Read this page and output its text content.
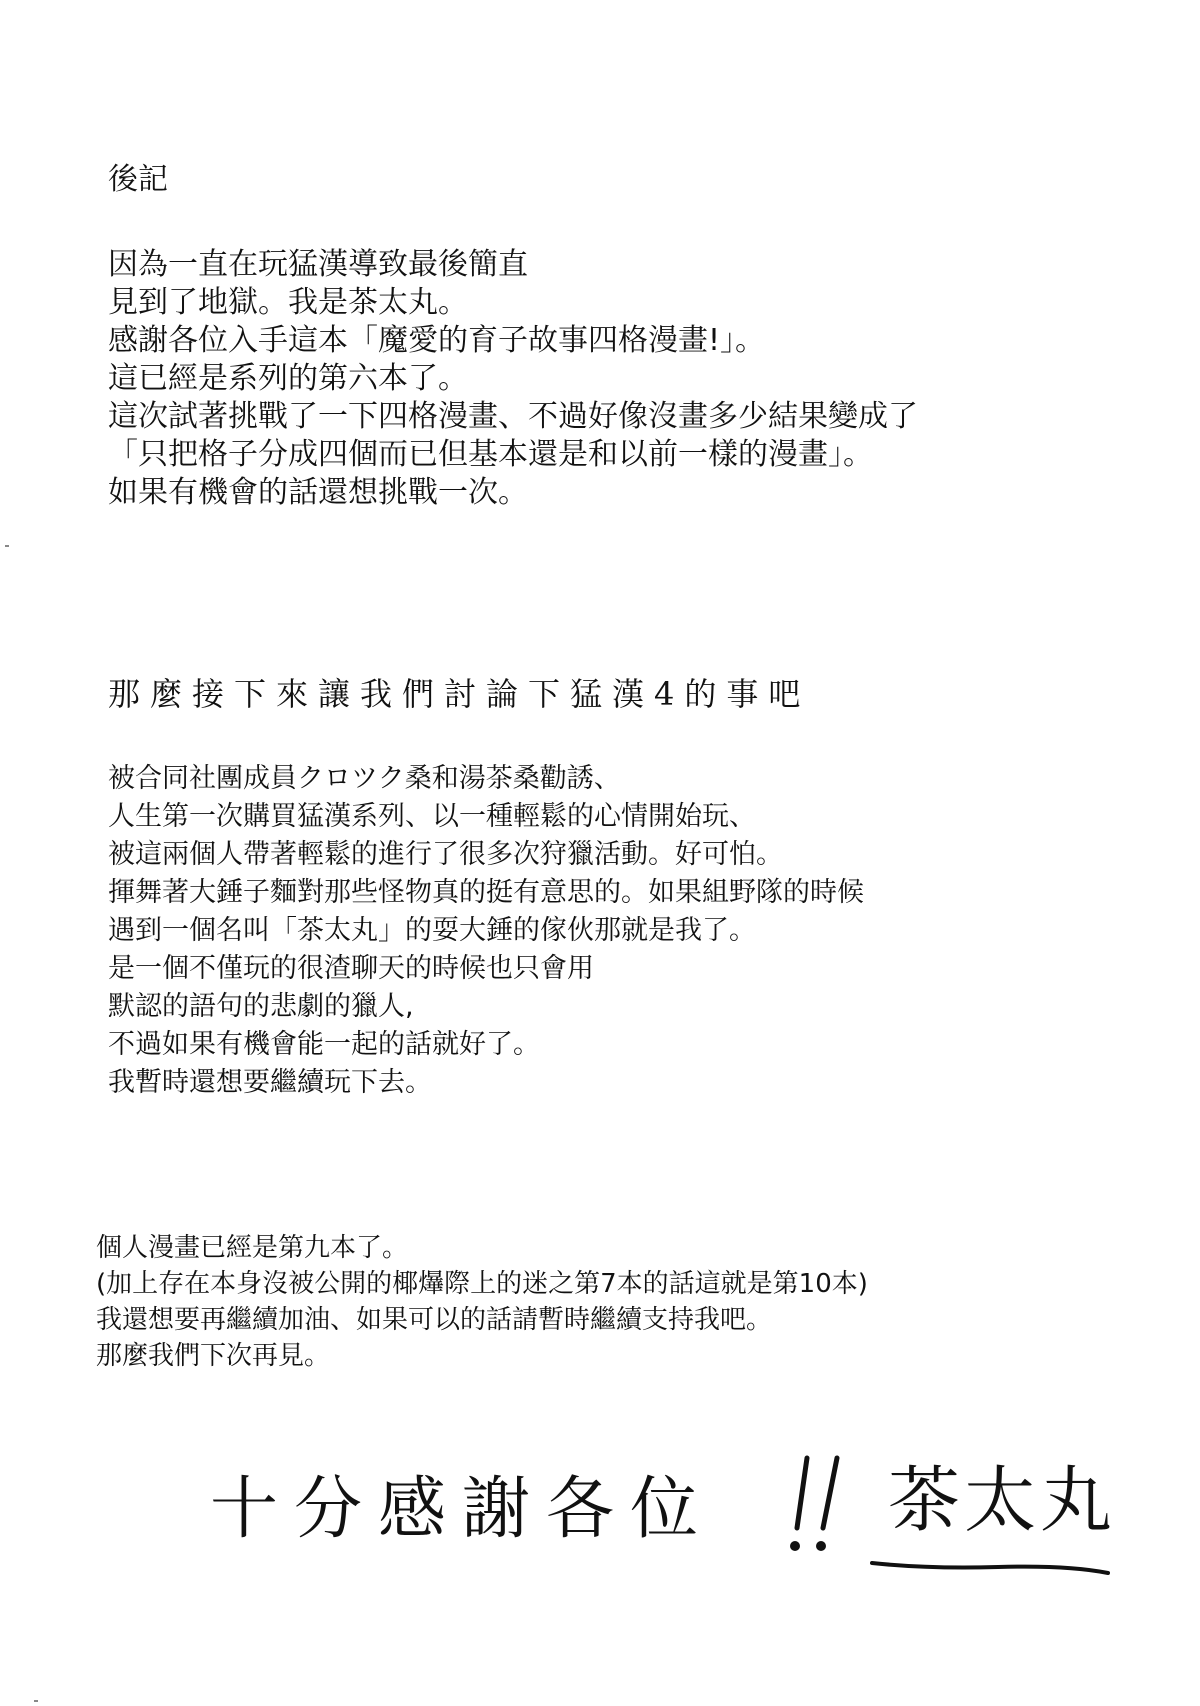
後記
因為一直在玩猛漢導致最後簡直
見到了地獄。我是茶太丸。
感謝各位入手這本「魔愛的育子故事四格漫畫!」。
這已經是系列的第六本了。
這次試著挑戰了一下四格漫畫、不過好像沒畫多少結果變成了
「只把格子分成四個而已但基本還是和以前一樣的漫畫」。
如果有機會的話還想挑戰一次。
那麼接下來讓我們討論下猛漢4的事吧
被合同社團成員クロツク桑和湯茶桑勸誘、
人生第一次購買猛漢系列、以一種輕鬆的心情開始玩、
被這兩個人帶著輕鬆的進行了很多次狩獵活動。好可怕。
揮舞著大錘子麵對那些怪物真的挺有意思的。如果組野隊的時候
遇到一個名叫「茶太丸」的耍大錘的傢伙那就是我了。
是一個不僅玩的很渣聊天的時候也只會用
默認的語句的悲劇的獵人,
不過如果有機會能一起的話就好了。
我暫時還想要繼續玩下去。
個人漫畫已經是第九本了。
(加上存在本身沒被公開的椰爗際上的迷之第7本的話這就是第10本)
我還想要再繼續加油、如果可以的話請暫時繼續支持我吧。
那麼我們下次再見。
十分感謝各位 茶太丸
